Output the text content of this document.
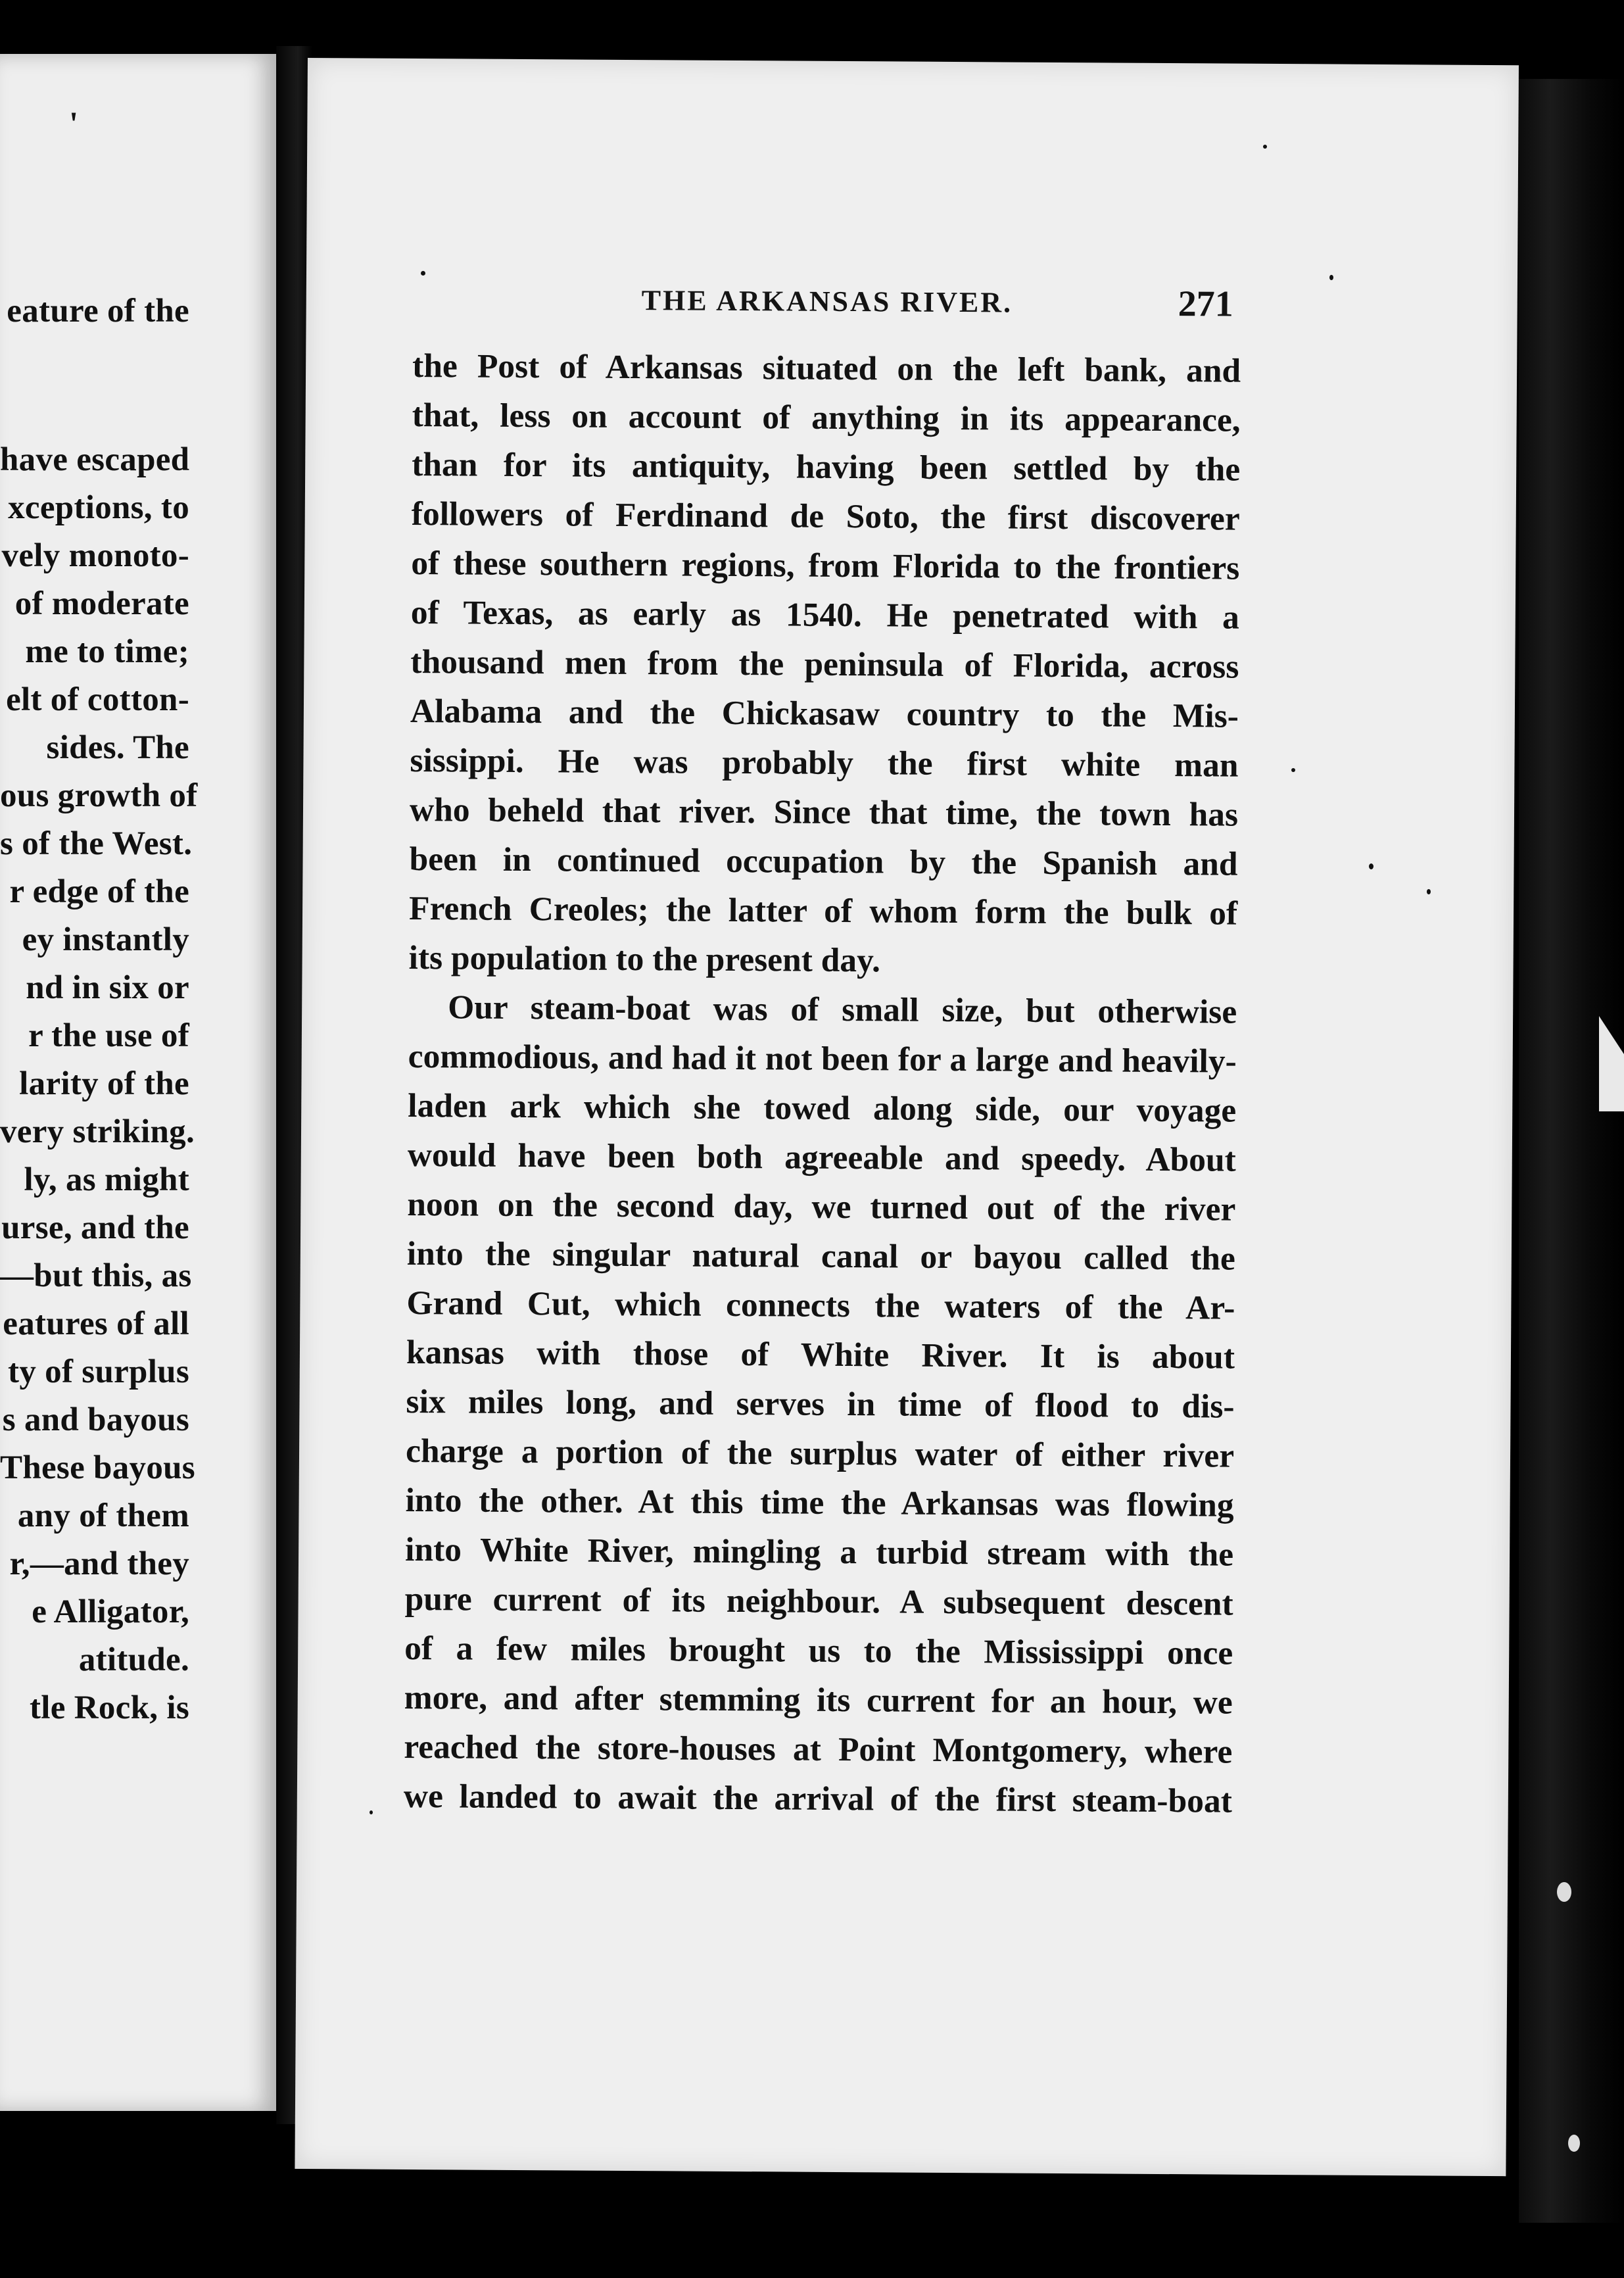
'
eature of the
have escaped
xceptions, to
vely monoto-
of moderate
me to time;
elt of cotton-
sides. The
ous growth of
s of the West.
r edge of the
ey instantly
nd in six or
r the use of
larity of the
very striking.
ly, as might
urse, and the
—but this, as
eatures of all
ty of surplus
s and bayous
These bayous
any of them
r,—and they
e Alligator,
atitude.
tle Rock, is
THE ARKANSAS RIVER.	271
the Post of Arkansas situated on the left bank, and
that, less on account of anything in its appearance,
than for its antiquity, having been settled by the
followers of Ferdinand de Soto, the first discoverer
of these southern regions, from Florida to the frontiers
of Texas, as early as 1540. He penetrated with a
thousand men from the peninsula of Florida, across
Alabama and the Chickasaw country to the Mis-
sissippi. He was probably the first white man
who beheld that river. Since that time, the town has
been in continued occupation by the Spanish and
French Creoles; the latter of whom form the bulk of
its population to the present day.
Our steam-boat was of small size, but otherwise
commodious, and had it not been for a large and heavily-
laden ark which she towed along side, our voyage
would have been both agreeable and speedy. About
noon on the second day, we turned out of the river
into the singular natural canal or bayou called the
Grand Cut, which connects the waters of the Ar-
kansas with those of White River. It is about
six miles long, and serves in time of flood to dis-
charge a portion of the surplus water of either river
into the other. At this time the Arkansas was flowing
into White River, mingling a turbid stream with the
pure current of its neighbour. A subsequent descent
of a few miles brought us to the Mississippi once
more, and after stemming its current for an hour, we
reached the store-houses at Point Montgomery, where
we landed to await the arrival of the first steam-boat
